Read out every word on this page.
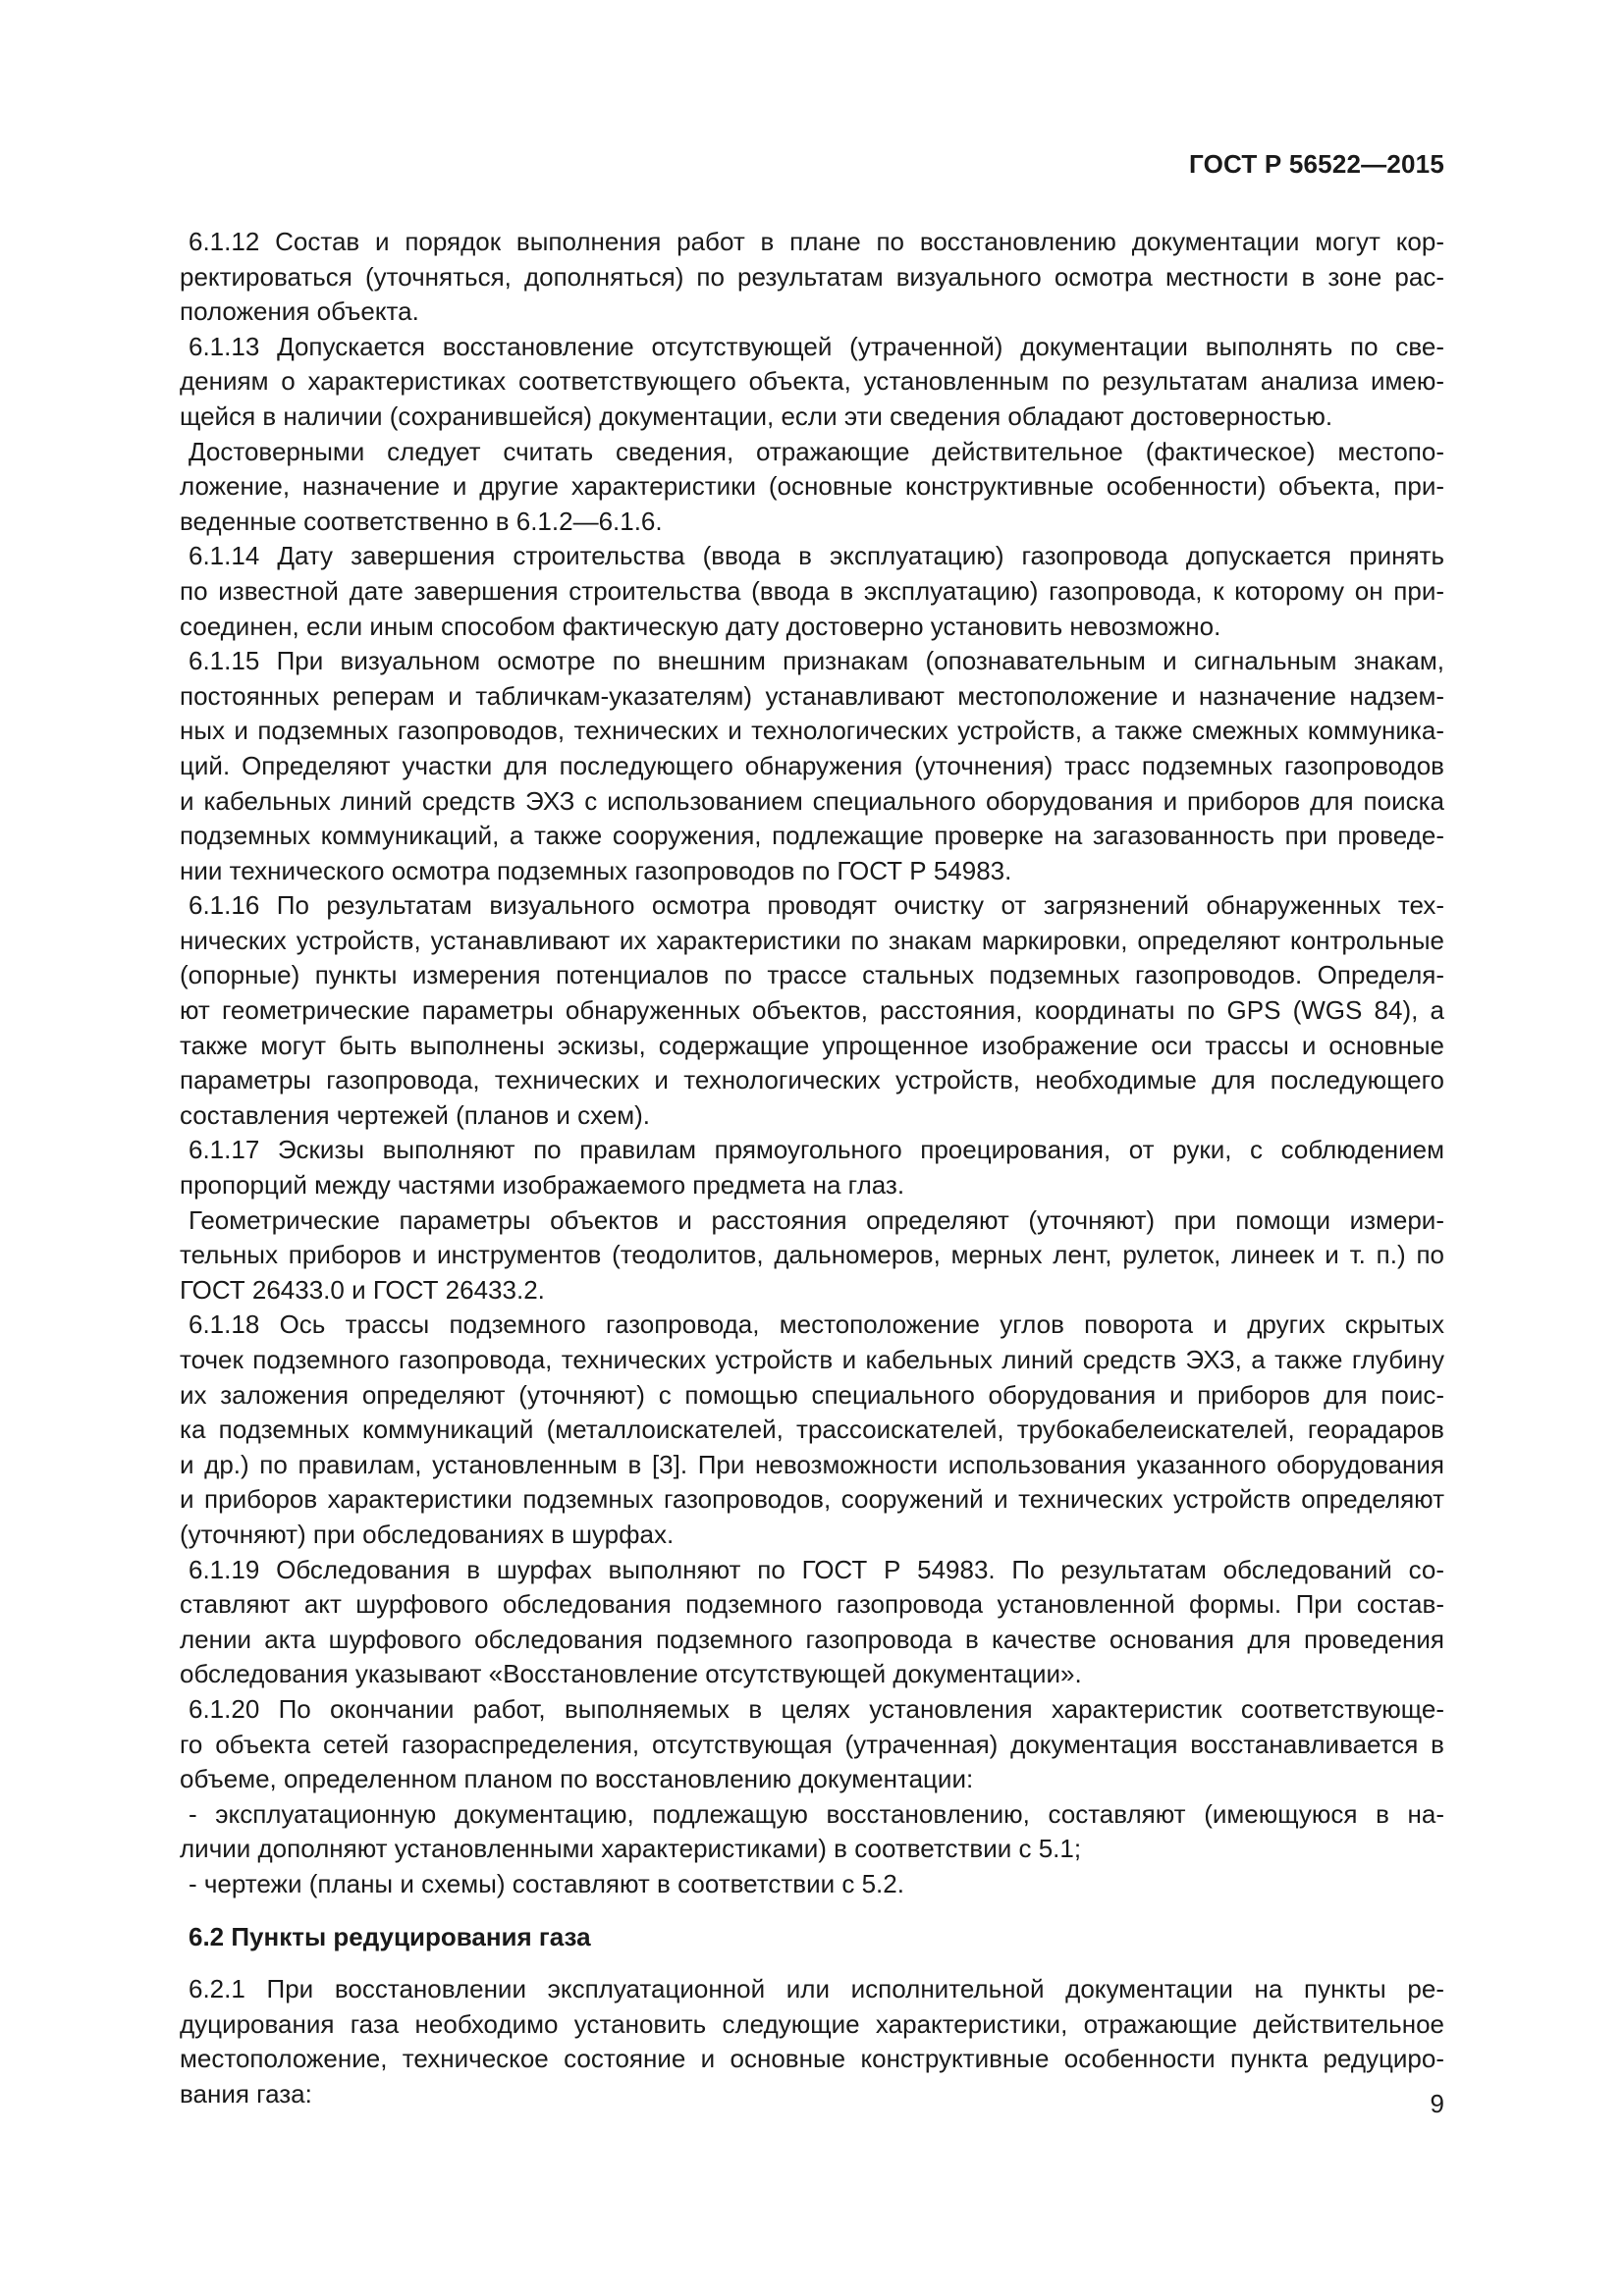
ГОСТ Р 56522—2015
6.1.12 Состав и порядок выполнения работ в плане по восстановлению документации могут кор-
ректироваться (уточняться, дополняться) по результатам визуального осмотра местности в зоне рас-
положения объекта.
6.1.13 Допускается восстановление отсутствующей (утраченной) документации выполнять по све-
дениям о характеристиках соответствующего объекта, установленным по результатам анализа имею-
щейся в наличии (сохранившейся) документации, если эти сведения обладают достоверностью.
Достоверными следует считать сведения, отражающие действительное (фактическое) местопо-
ложение, назначение и другие характеристики (основные конструктивные особенности) объекта, при-
веденные соответственно в 6.1.2—6.1.6.
6.1.14 Дату завершения строительства (ввода в эксплуатацию) газопровода допускается принять
по известной дате завершения строительства (ввода в эксплуатацию) газопровода, к которому он при-
соединен, если иным способом фактическую дату достоверно установить невозможно.
6.1.15 При визуальном осмотре по внешним признакам (опознавательным и сигнальным знакам,
постоянных реперам и табличкам-указателям) устанавливают местоположение и назначение надзем-
ных и подземных газопроводов, технических и технологических устройств, а также смежных коммуника-
ций. Определяют участки для последующего обнаружения (уточнения) трасс подземных газопроводов
и кабельных линий средств ЭХЗ с использованием специального оборудования и приборов для поиска
подземных коммуникаций, а также сооружения, подлежащие проверке на загазованность при проведе-
нии технического осмотра подземных газопроводов по ГОСТ Р 54983.
6.1.16 По результатам визуального осмотра проводят очистку от загрязнений обнаруженных тех-
нических устройств, устанавливают их характеристики по знакам маркировки, определяют контрольные
(опорные) пункты измерения потенциалов по трассе стальных подземных газопроводов. Определя-
ют геометрические параметры обнаруженных объектов, расстояния, координаты по GPS (WGS 84), а
также могут быть выполнены эскизы, содержащие упрощенное изображение оси трассы и основные
параметры газопровода, технических и технологических устройств, необходимые для последующего
составления чертежей (планов и схем).
6.1.17 Эскизы выполняют по правилам прямоугольного проецирования, от руки, с соблюдением
пропорций между частями изображаемого предмета на глаз.
Геометрические параметры объектов и расстояния определяют (уточняют) при помощи измери-
тельных приборов и инструментов (теодолитов, дальномеров, мерных лент, рулеток, линеек и т. п.) по
ГОСТ 26433.0 и ГОСТ 26433.2.
6.1.18 Ось трассы подземного газопровода, местоположение углов поворота и других скрытых
точек подземного газопровода, технических устройств и кабельных линий средств ЭХЗ, а также глубину
их заложения определяют (уточняют) с помощью специального оборудования и приборов для поис-
ка подземных коммуникаций (металлоискателей, трассоискателей, трубокабелеискателей, георадаров
и др.) по правилам, установленным в [3]. При невозможности использования указанного оборудования
и приборов характеристики подземных газопроводов, сооружений и технических устройств определяют
(уточняют) при обследованиях в шурфах.
6.1.19 Обследования в шурфах выполняют по ГОСТ Р 54983. По результатам обследований со-
ставляют акт шурфового обследования подземного газопровода установленной формы. При состав-
лении акта шурфового обследования подземного газопровода в качестве основания для проведения
обследования указывают «Восстановление отсутствующей документации».
6.1.20 По окончании работ, выполняемых в целях установления характеристик соответствующе-
го объекта сетей газораспределения, отсутствующая (утраченная) документация восстанавливается в
объеме, определенном планом по восстановлению документации:
- эксплуатационную документацию, подлежащую восстановлению, составляют (имеющуюся в на-
личии дополняют установленными характеристиками) в соответствии с 5.1;
- чертежи (планы и схемы) составляют в соответствии с 5.2.
6.2 Пункты редуцирования газа
6.2.1 При восстановлении эксплуатационной или исполнительной документации на пункты ре-
дуцирования газа необходимо установить следующие характеристики, отражающие действительное
местоположение, техническое состояние и основные конструктивные особенности пункта редуциро-
вания газа:	9
